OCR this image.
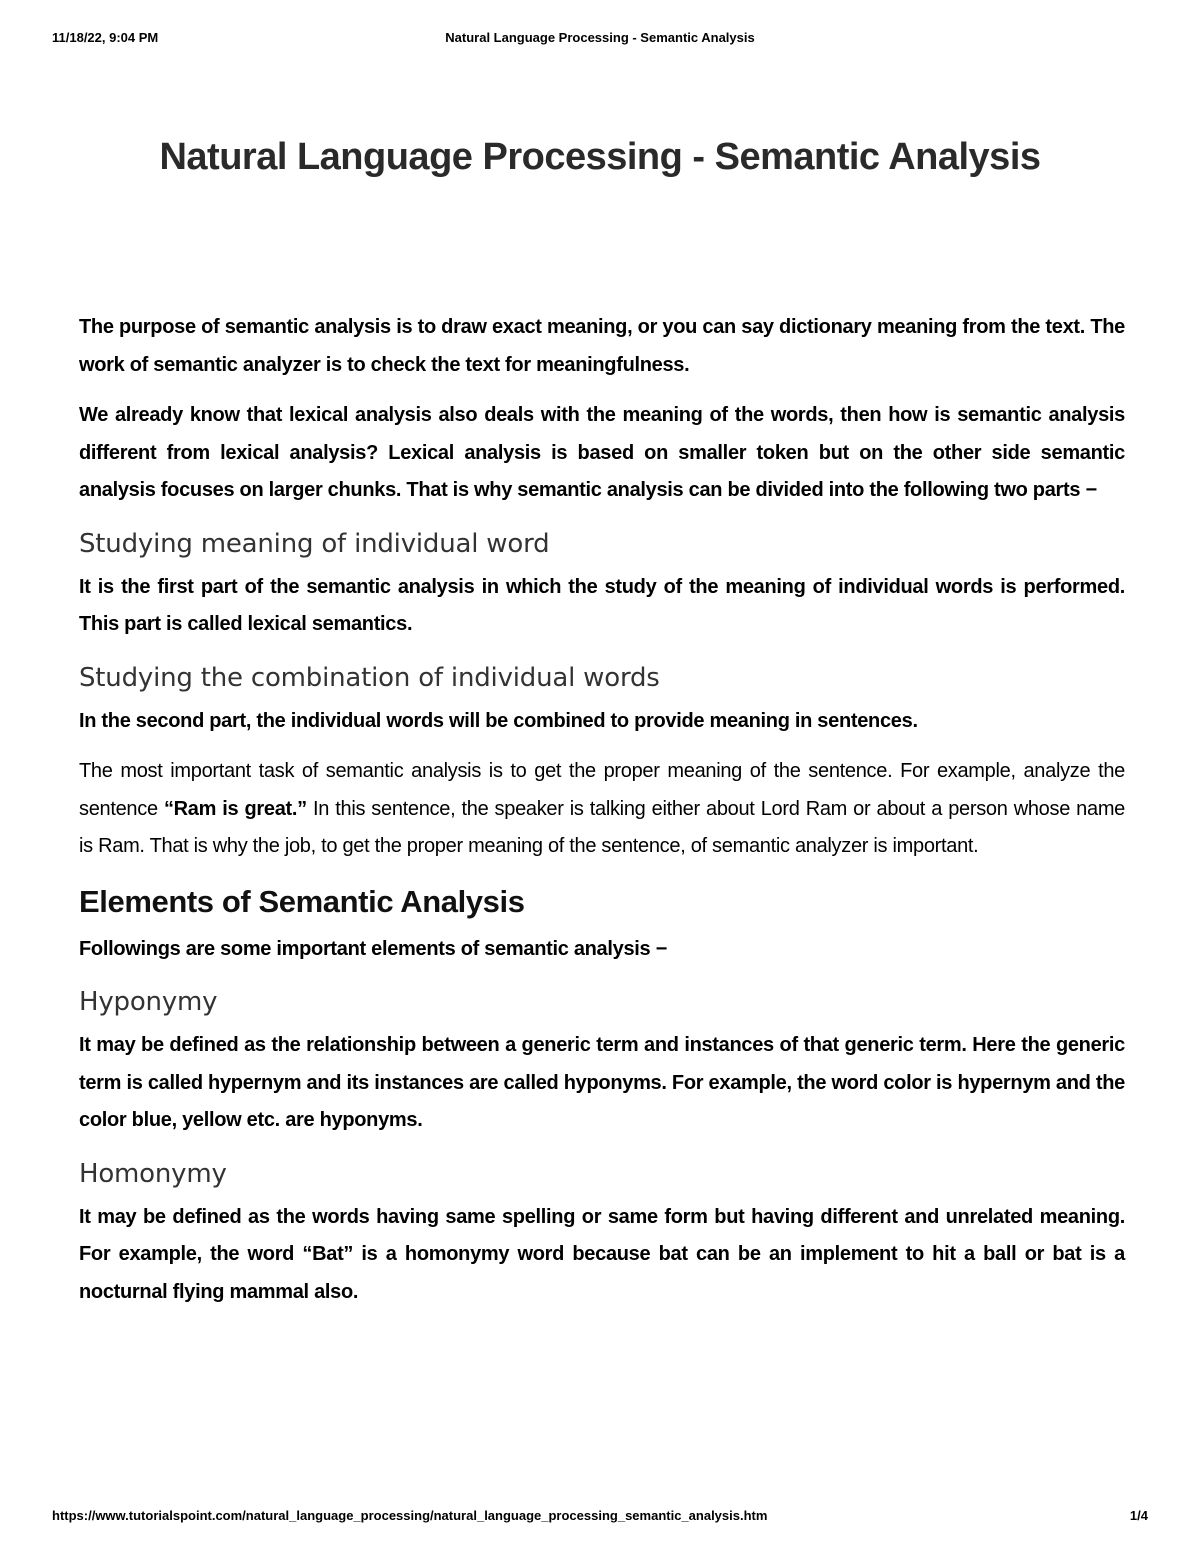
11/18/22, 9:04 PM	Natural Language Processing - Semantic Analysis
Natural Language Processing - Semantic Analysis

The purpose of semantic analysis is to draw exact meaning, or you can say dictionary meaning from the text. The work of semantic analyzer is to check the text for meaningfulness.

We already know that lexical analysis also deals with the meaning of the words, then how is semantic analysis different from lexical analysis? Lexical analysis is based on smaller token but on the other side semantic analysis focuses on larger chunks. That is why semantic analysis can be divided into the following two parts −

Studying meaning of individual word

It is the first part of the semantic analysis in which the study of the meaning of individual words is performed. This part is called lexical semantics.

Studying the combination of individual words

In the second part, the individual words will be combined to provide meaning in sentences.

The most important task of semantic analysis is to get the proper meaning of the sentence. For example, analyze the sentence “Ram is great.” In this sentence, the speaker is talking either about Lord Ram or about a person whose name is Ram. That is why the job, to get the proper meaning of the sentence, of semantic analyzer is important.

Elements of Semantic Analysis

Followings are some important elements of semantic analysis −

Hyponymy

It may be defined as the relationship between a generic term and instances of that generic term. Here the generic term is called hypernym and its instances are called hyponyms. For example, the word color is hypernym and the color blue, yellow etc. are hyponyms.

Homonymy

It may be defined as the words having same spelling or same form but having different and unrelated meaning. For example, the word “Bat” is a homonymy word because bat can be an implement to hit a ball or bat is a nocturnal flying mammal also.

https://www.tutorialspoint.com/natural_language_processing/natural_language_processing_semantic_analysis.htm	1/4
